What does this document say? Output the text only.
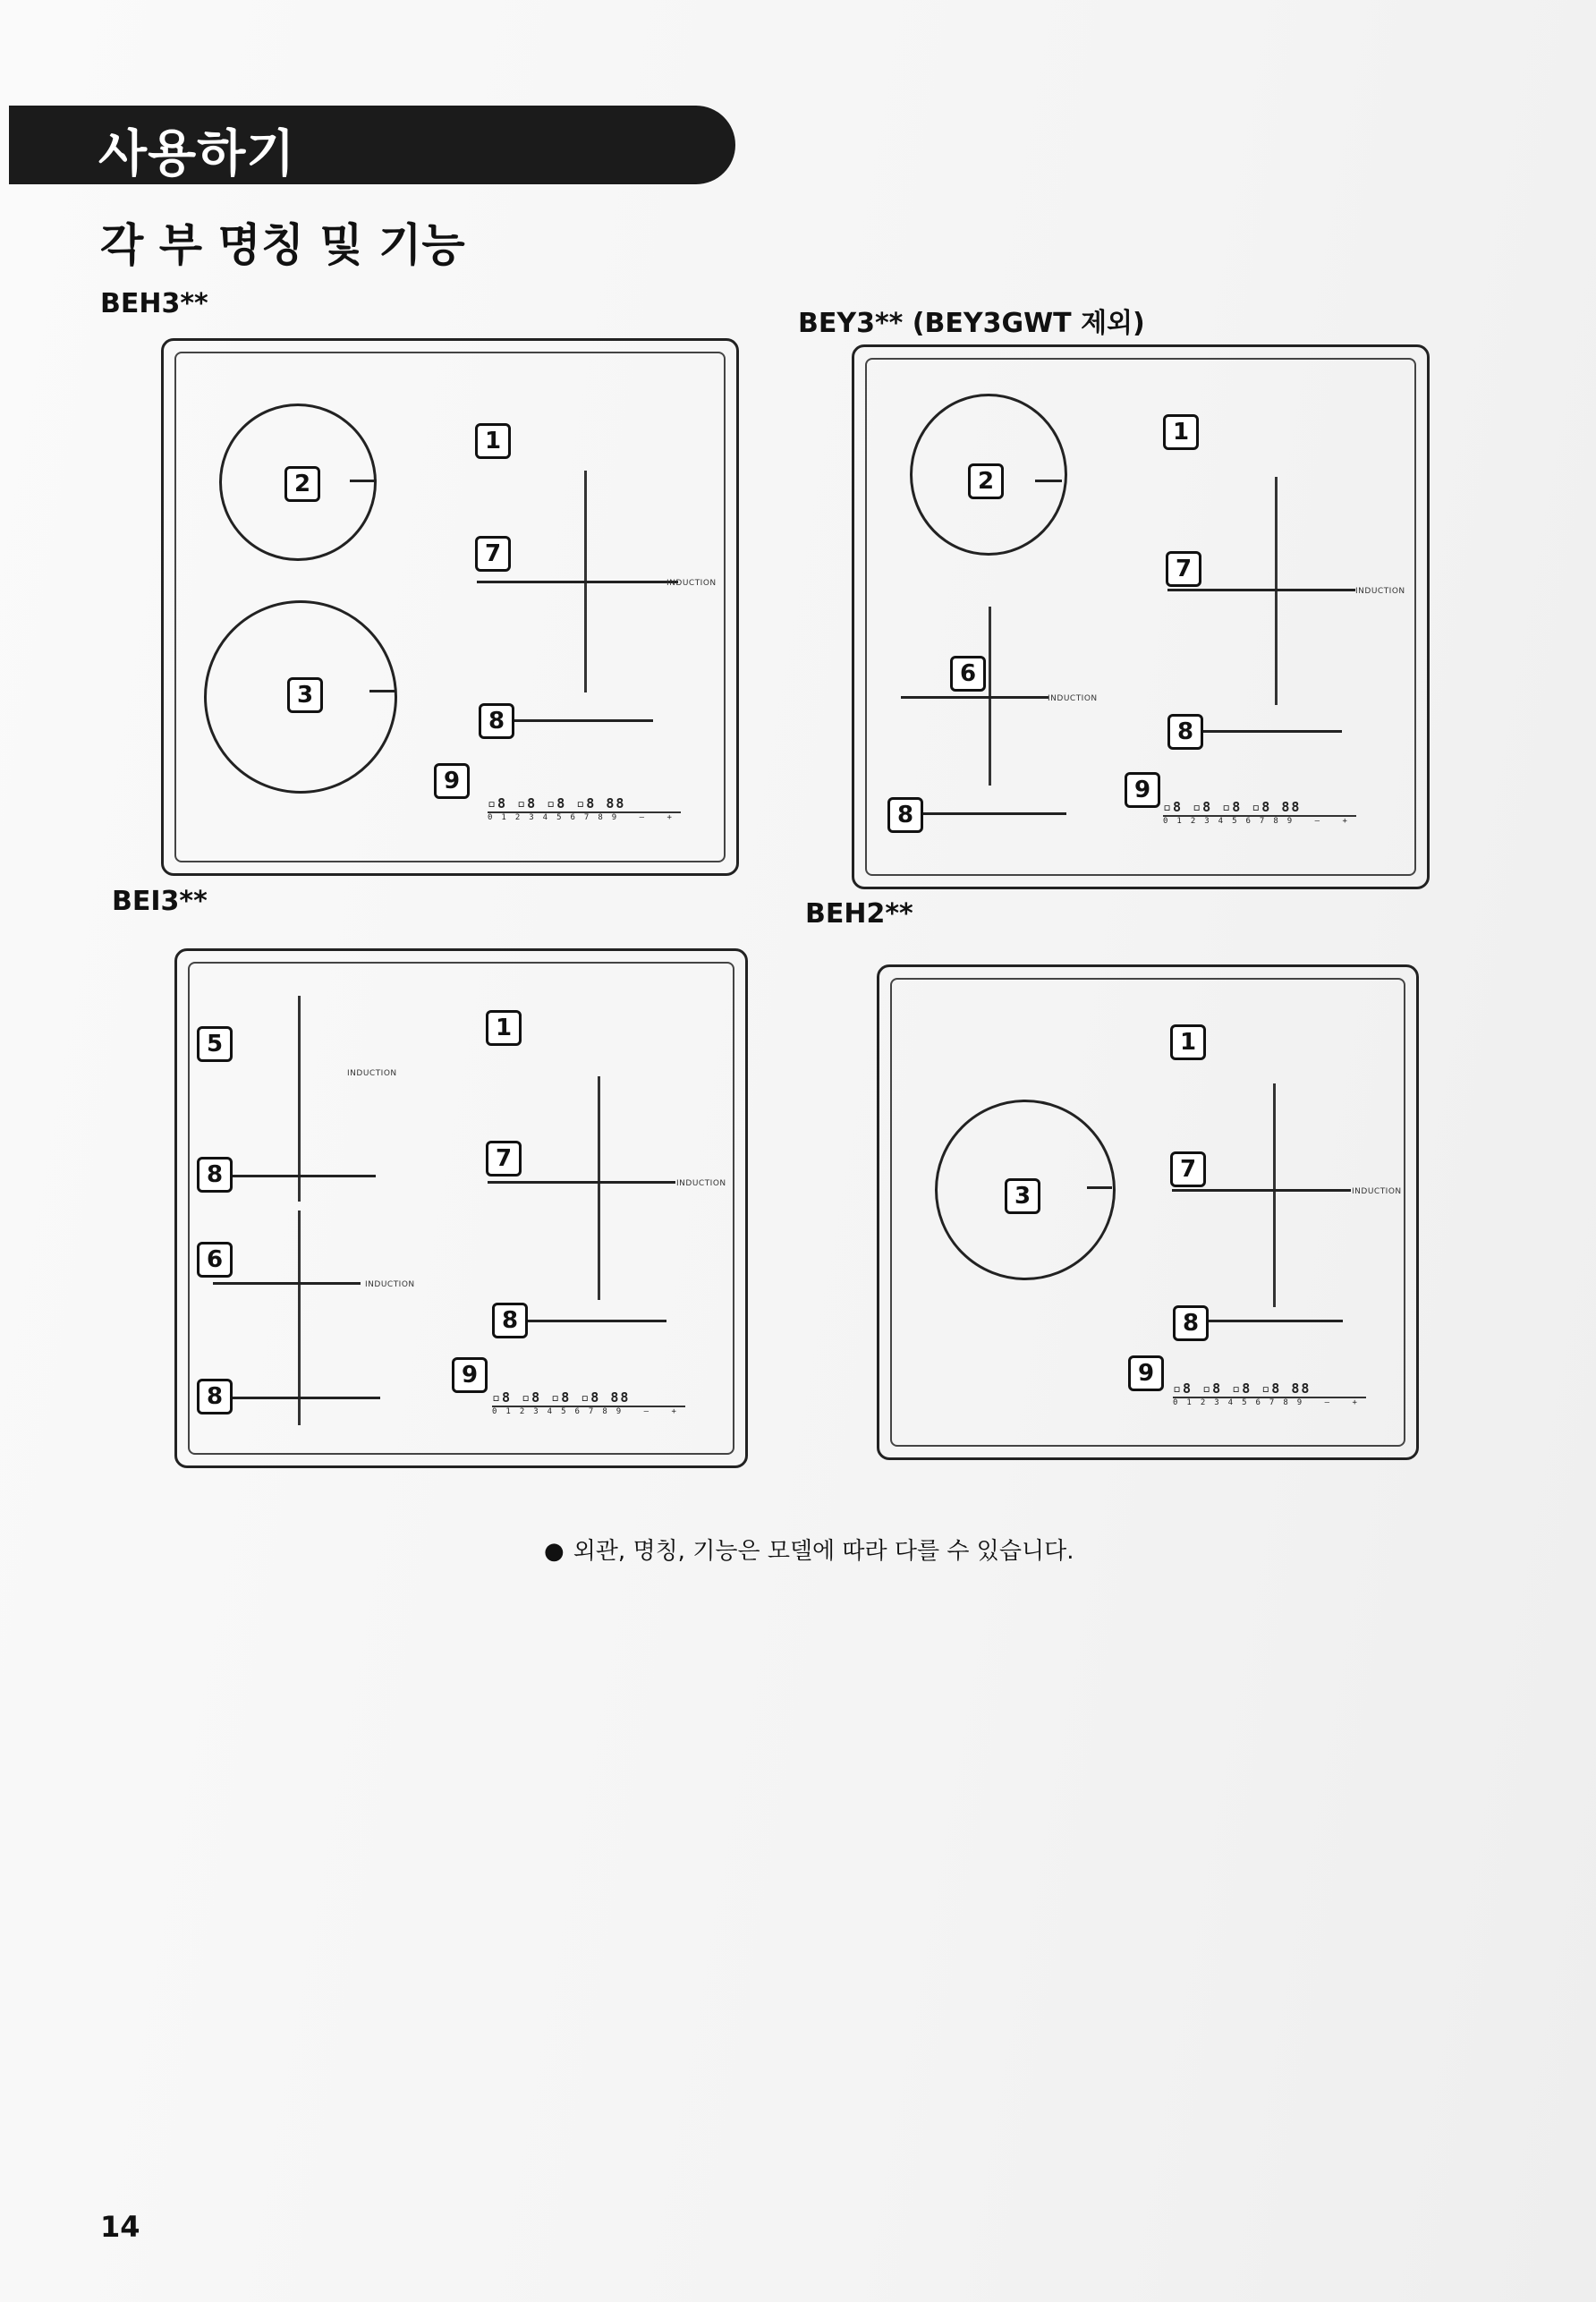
사용하기
각 부 명칭 및 기능
BEH3**
2
3
1
7
INDUCTION
8
9
▫8 ▫8 ▫8 ▫8 88
0123456789 — +
BEY3** (BEY3GWT 제외)
2
1
7
INDUCTION
6
INDUCTION
8
8
9
▫8 ▫8 ▫8 ▫8 88
0123456789 — +
BEI3**
5
INDUCTION
8
6
INDUCTION
8
1
7
INDUCTION
8
9
▫8 ▫8 ▫8 ▫8 88
0123456789 — +
BEH2**
1
3
7
INDUCTION
8
9
▫8 ▫8 ▫8 ▫8 88
0123456789 — +
● 외관, 명칭, 기능은 모델에 따라 다를 수 있습니다.
14
